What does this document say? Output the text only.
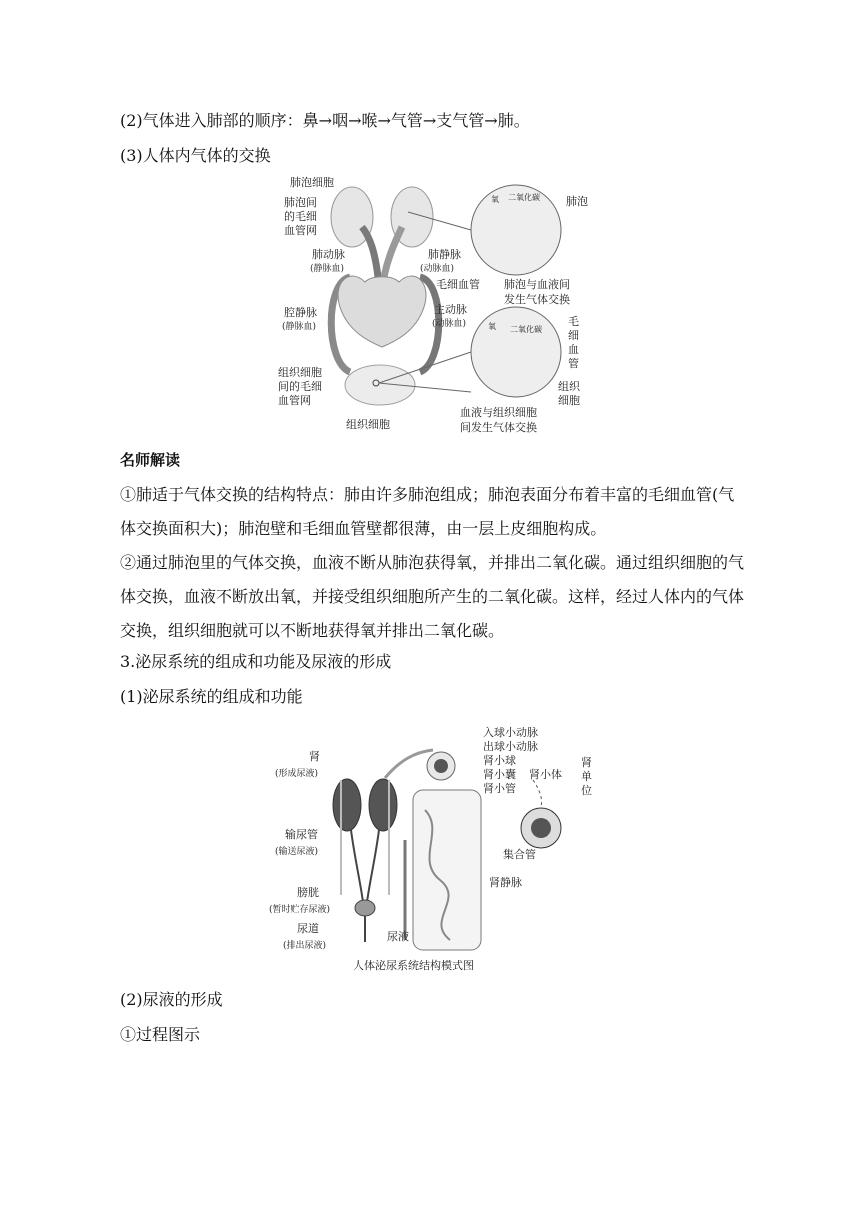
(2)气体进入肺部的顺序：鼻→咽→喉→气管→支气管→肺。
(3)人体内气体的交换
肺泡细胞
肺泡间
的毛细
血管网
肺动脉
(静脉血)
腔静脉
(静脉血)
组织细胞
间的毛细
血管网
组织细胞
肺静脉
(动脉血)
主动脉
(动脉血)
氧 二氧化碳 肺泡
毛细血管 肺泡与血液间
发生气体交换
氧 二氧化碳
毛
细
血
管
组织
细胞
血液与组织细胞
间发生气体交换
名师解读
①肺适于气体交换的结构特点：肺由许多肺泡组成；肺泡表面分布着丰富的毛细血管(气体交换面积大)；肺泡壁和毛细血管壁都很薄，由一层上皮细胞构成。
②通过肺泡里的气体交换，血液不断从肺泡获得氧，并排出二氧化碳。通过组织细胞的气体交换，血液不断放出氧，并接受组织细胞所产生的二氧化碳。这样，经过人体内的气体交换，组织细胞就可以不断地获得氧并排出二氧化碳。
3.泌尿系统的组成和功能及尿液的形成
(1)泌尿系统的组成和功能
肾
(形成尿液)
输尿管
(输送尿液)
膀胱
(暂时贮存尿液)
尿道
(排出尿液)
入球小动脉
出球小动脉
肾小球
肾小囊
肾小管
肾小体
肾
单
位
集合管
肾静脉
尿液
人体泌尿系统结构模式图
(2)尿液的形成
①过程图示
